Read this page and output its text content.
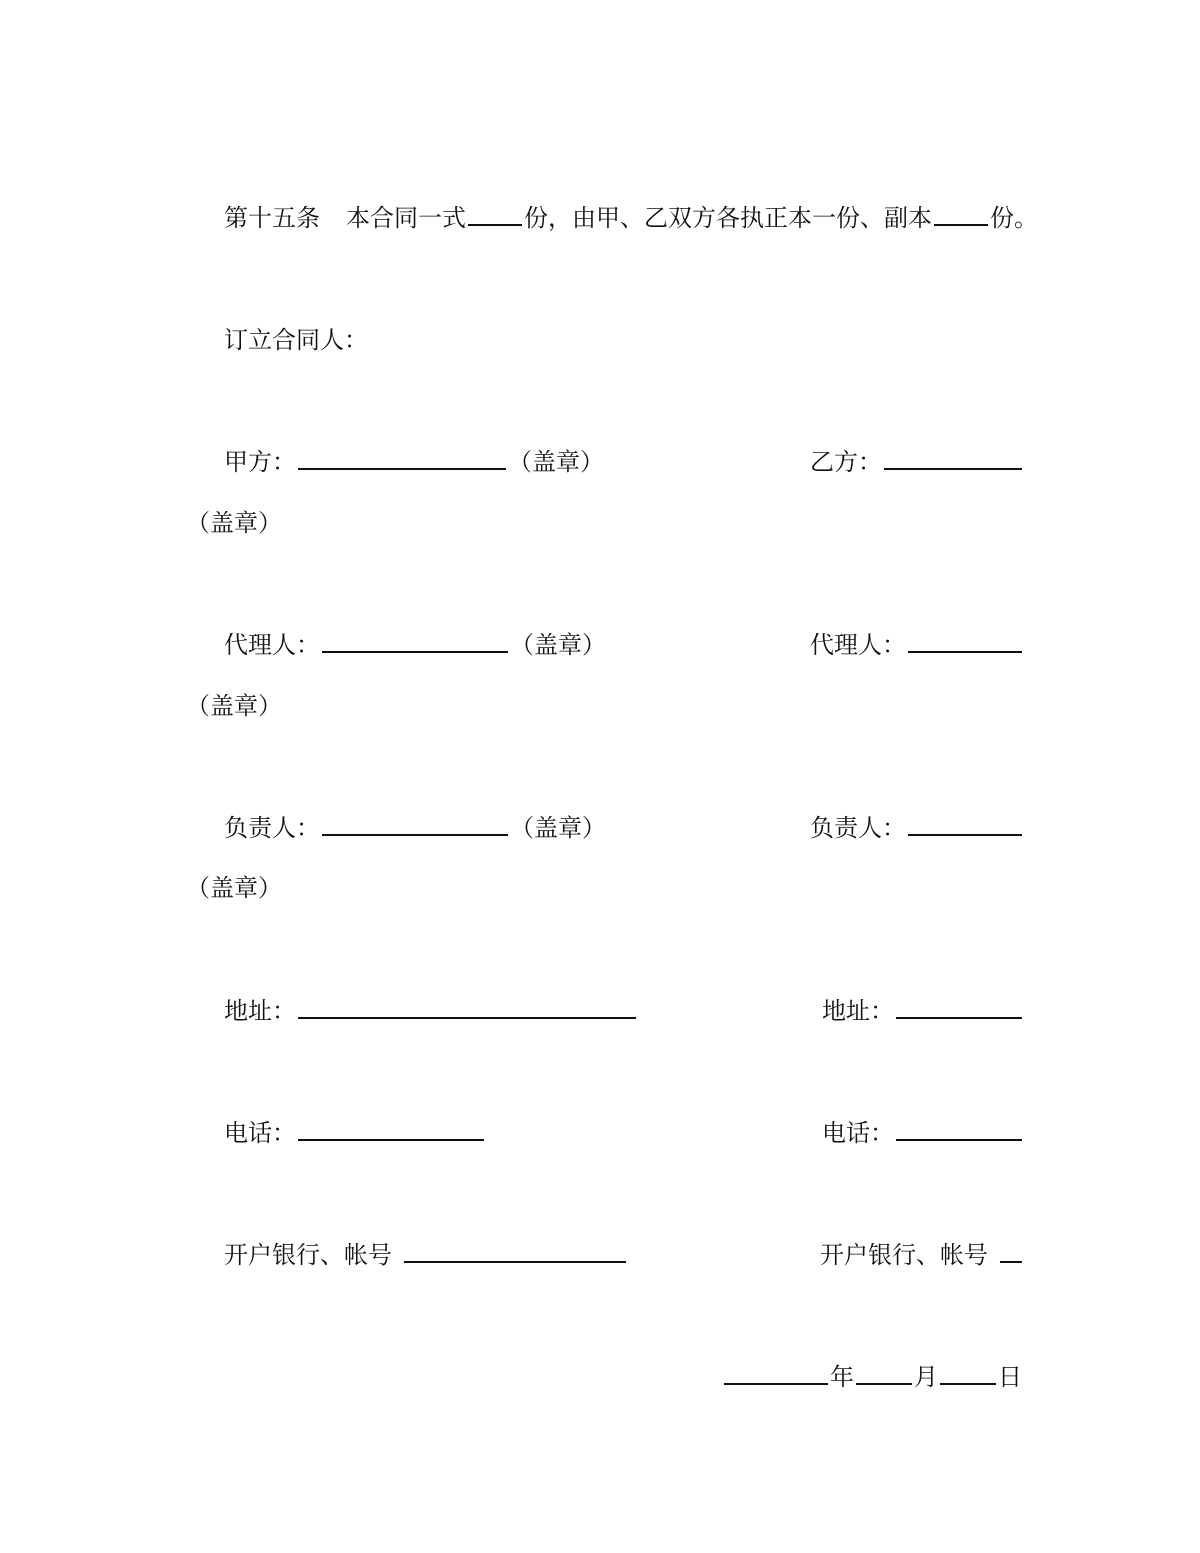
第十五条 本合同一式 份，由甲、乙双方各执正本一份、副本 份。
订立合同人：
甲方：	（盖章）	乙方：
（盖章）
代理人：	（盖章）	代理人：
（盖章）
负责人：	（盖章）	负责人：
（盖章）
地址：	地址：
电话：	电话：
开户银行、帐号	开户银行、帐号
年	月	日
